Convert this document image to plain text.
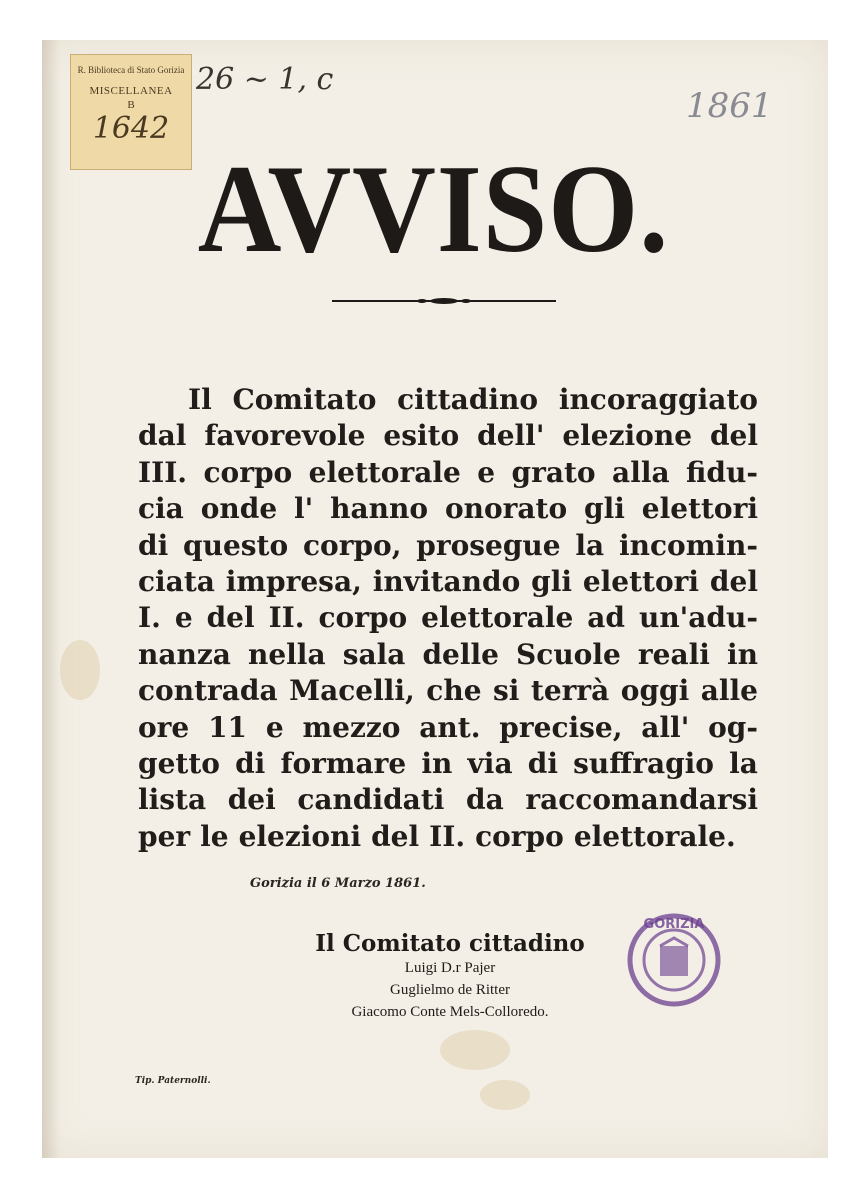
R. Biblioteca di Stato Gorizia
MISCELLANEA
B
1642
26 ~ 1, c
1861
AVVISO.
Il Comitato cittadino incoraggiato
dal favorevole esito dell' elezione del
III. corpo elettorale e grato alla fidu-
cia onde l' hanno onorato gli elettori
di questo corpo, prosegue la incomin-
ciata impresa, invitando gli elettori del
I. e del II. corpo elettorale ad un'adu-
nanza nella sala delle Scuole reali in
contrada Macelli, che si terrà oggi alle
ore 11 e mezzo ant. precise, all' og-
getto di formare in via di suffragio la
lista dei candidati da raccomandarsi
per le elezioni del II. corpo elettorale.
Gorizia il 6 Marzo 1861.
Il Comitato cittadino
Luigi D.r Pajer
Guglielmo de Ritter
Giacomo Conte Mels-Colloredo.
GORIZIA
Tip. Paternolli.
